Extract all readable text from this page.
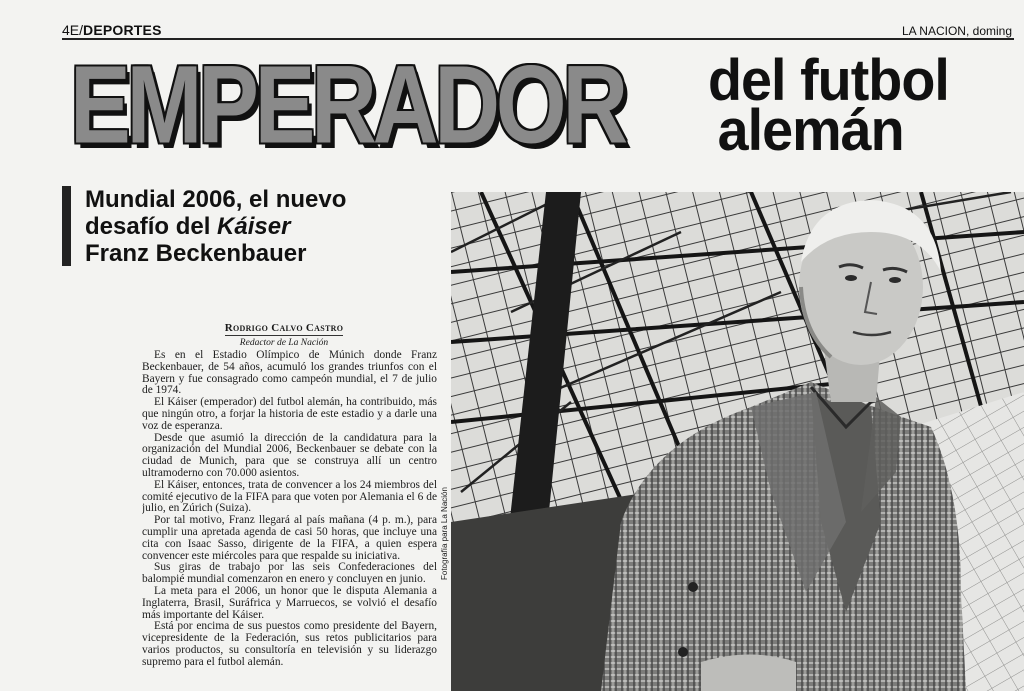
4E/DEPORTES	LA NACION, doming
EMPERADOR del futbol
alemán
Mundial 2006, el nuevo
desafío del Káiser
Franz Beckenbauer
Rodrigo Calvo Castro
Redactor de La Nación

Es en el Estadio Olímpico de Múnich donde Franz Beckenbauer, de 54 años, acumuló los grandes triunfos con el Bayern y fue consagrado como campeón mundial, el 7 de julio de 1974.

El Káiser (emperador) del futbol alemán, ha contribuido, más que ningún otro, a forjar la historia de este estadio y a darle una voz de esperanza.

Desde que asumió la dirección de la candidatura para la organización del Mundial 2006, Beckenbauer se debate con la ciudad de Munich, para que se construya allí un centro ultramoderno con 70.000 asientos.

El Káiser, entonces, trata de convencer a los 24 miembros del comité ejecutivo de la FIFA para que voten por Alemania el 6 de julio, en Zúrich (Suiza).

Por tal motivo, Franz llegará al país mañana (4 p. m.), para cumplir una apretada agenda de casi 50 horas, que incluye una cita con Isaac Sasso, dirigente de la FIFA, a quien espera convencer este miércoles para que respalde su iniciativa.

Sus giras de trabajo por las seis Confederaciones del balompié mundial comenzaron en enero y concluyen en junio.

La meta para el 2006, un honor que le disputa Alemania a Inglaterra, Brasil, Suráfrica y Marruecos, se volvió el desafío más importante del Káiser.

Está por encima de sus puestos como presidente del Bayern, vicepresidente de la Federación, sus retos publicitarios para varios productos, su consultoría en televisión y su liderazgo supremo para el futbol alemán.

Fotografía para La Nación
